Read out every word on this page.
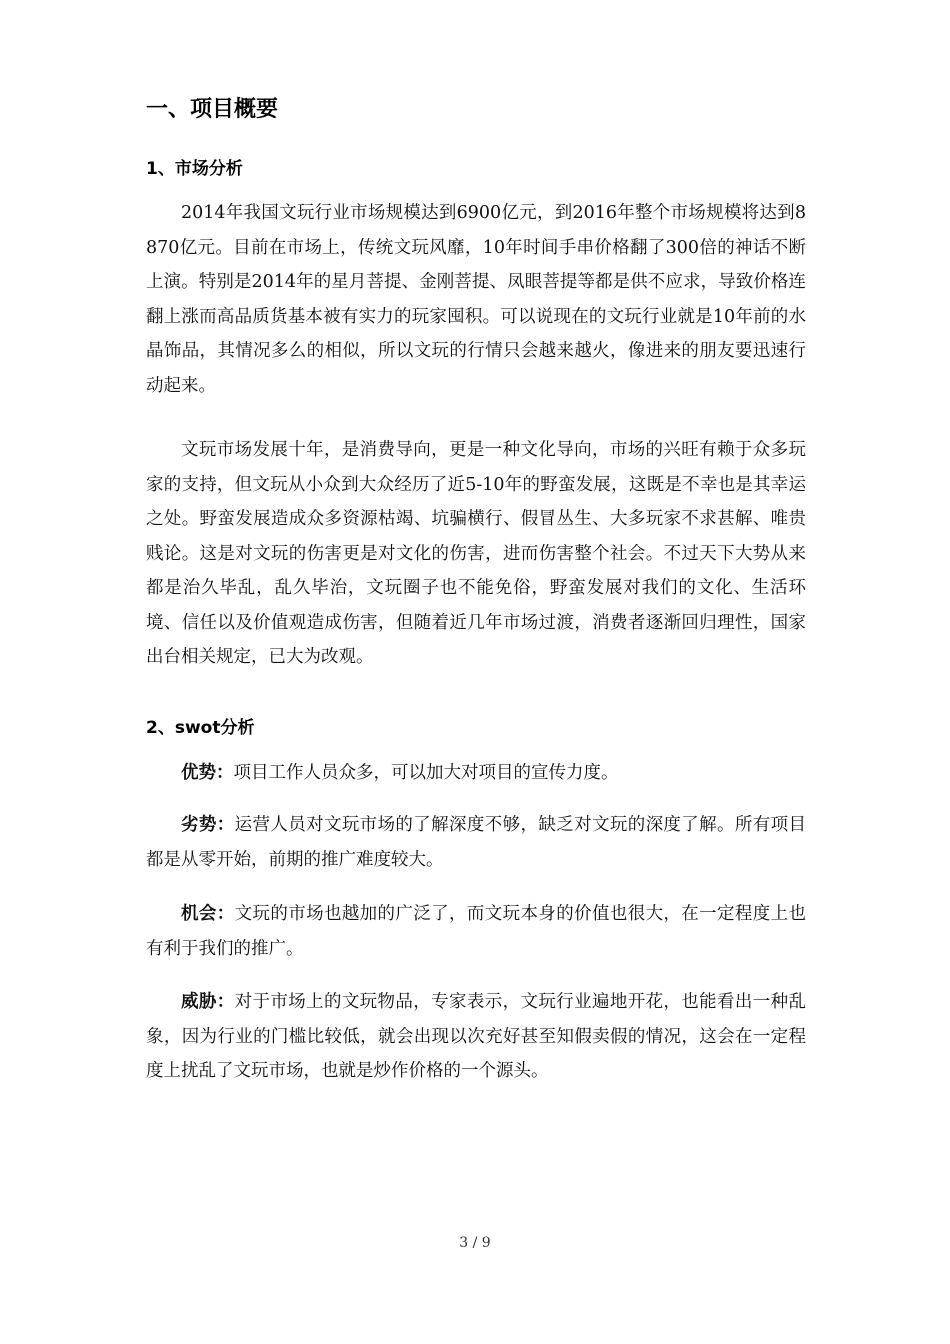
一、项目概要
1、市场分析

2014年我国文玩行业市场规模达到6900亿元，到2016年整个市场规模将达到8870亿元。目前在市场上，传统文玩风靡，10年时间手串价格翻了300倍的神话不断上演。特别是2014年的星月菩提、金刚菩提、凤眼菩提等都是供不应求，导致价格连翻上涨而高品质货基本被有实力的玩家囤积。可以说现在的文玩行业就是10年前的水晶饰品，其情况多么的相似，所以文玩的行情只会越来越火，像进来的朋友要迅速行动起来。

文玩市场发展十年，是消费导向，更是一种文化导向，市场的兴旺有赖于众多玩家的支持，但文玩从小众到大众经历了近5-10年的野蛮发展，这既是不幸也是其幸运之处。野蛮发展造成众多资源枯竭、坑骗横行、假冒丛生、大多玩家不求甚解、唯贵贱论。这是对文玩的伤害更是对文化的伤害，进而伤害整个社会。不过天下大势从来都是治久毕乱，乱久毕治，文玩圈子也不能免俗，野蛮发展对我们的文化、生活环境、信任以及价值观造成伤害，但随着近几年市场过渡，消费者逐渐回归理性，国家出台相关规定，已大为改观。

2、swot分析

优势：项目工作人员众多，可以加大对项目的宣传力度。

劣势：运营人员对文玩市场的了解深度不够，缺乏对文玩的深度了解。所有项目都是从零开始，前期的推广难度较大。

机会：文玩的市场也越加的广泛了，而文玩本身的价值也很大，在一定程度上也有利于我们的推广。

威胁：对于市场上的文玩物品，专家表示，文玩行业遍地开花，也能看出一种乱象，因为行业的门槛比较低，就会出现以次充好甚至知假卖假的情况，这会在一定程度上扰乱了文玩市场，也就是炒作价格的一个源头。

3 / 9
